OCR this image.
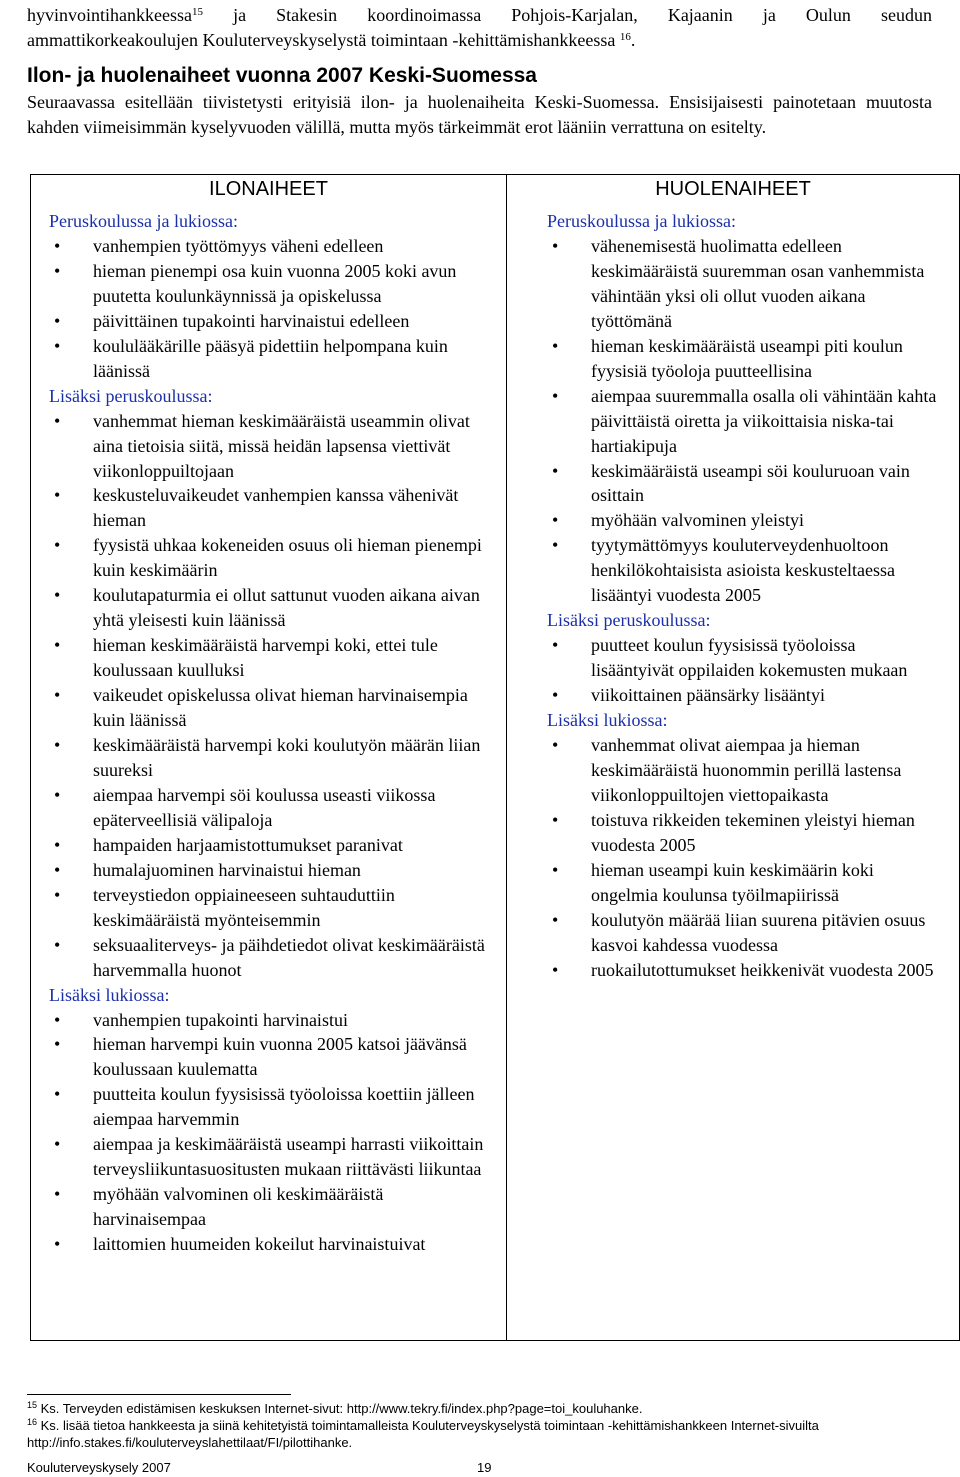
hyvinvointihankkeessa$^{15}$ ja Stakesin koordinoimassa Pohjois-Karjalan, Kajaanin ja Oulun seudun
ammattikorkeakoulujen Kouluterveyskyselystä toimintaan -kehittämishankkeessa $^{16}$.
Ilon- ja huolenaiheet vuonna 2007 Keski-Suomessa
Seuraavassa esitellään tiivistetysti erityisiä ilon- ja huolenaiheita Keski-Suomessa. Ensisijaisesti painotetaan muutosta kahden viimeisimmän kyselyvuoden välillä, mutta myös tärkeimmät erot lääniin verrattuna on esitelty.
ILONAIHEET
Peruskoulussa ja lukiossa:
• vanhempien työttömyys väheni edelleen
• hieman pienempi osa kuin vuonna 2005 koki avun puutetta koulunkäynnissä ja opiskelussa
• päivittäinen tupakointi harvinaistui edelleen
• koululääkärille pääsyä pidettiin helpompana kuin läänissä
Lisäksi peruskoulussa:
• vanhemmat hieman keskimääräistä useammin olivat aina tietoisia siitä, missä heidän lapsensa viettivät viikonloppuiltojaan
• keskusteluvaikeudet vanhempien kanssa vähenivät hieman
• fyysistä uhkaa kokeneiden osuus oli hieman pienempi kuin keskimäärin
• koulutapaturmia ei ollut sattunut vuoden aikana aivan yhtä yleisesti kuin läänissä
• hieman keskimääräistä harvempi koki, ettei tule koulussaan kuulluksi
• vaikeudet opiskelussa olivat hieman harvinaisempia kuin läänissä
• keskimääräistä harvempi koki koulutyön määrän liian suureksi
• aiempaa harvempi söi koulussa useasti viikossa epäterveellisiä välipaloja
• hampaiden harjaamistottumukset paranivat
• humalajuominen harvinaistui hieman
• terveystiedon oppiaineeseen suhtauduttiin keskimääräistä myönteisemmin
• seksuaaliterveys- ja päihdetiedot olivat keskimääräistä harvemmalla huonot
Lisäksi lukiossa:
• vanhempien tupakointi harvinaistui
• hieman harvempi kuin vuonna 2005 katsoi jäävänsä koulussaan kuulematta
• puutteita koulun fyysisissä työoloissa koettiin jälleen aiempaa harvemmin
• aiempaa ja keskimääräistä useampi harrasti viikoittain terveysliikuntasuositusten mukaan riittävästi liikuntaa
• myöhään valvominen oli keskimääräistä harvinaisempaa
• laittomien huumeiden kokeilut harvinaistuivat
HUOLENAIHEET
Peruskoulussa ja lukiossa:
• vähenemisestä huolimatta edelleen keskimääräistä suuremman osan vanhemmista vähintään yksi oli ollut vuoden aikana työttömänä
• hieman keskimääräistä useampi piti koulun fyysisiä työoloja puutteellisina
• aiempaa suuremmalla osalla oli vähintään kahta päivittäistä oiretta ja viikoittaisia niska-tai hartiakipuja
• keskimääräistä useampi söi kouluruoan vain osittain
• myöhään valvominen yleistyi
• tyytymättömyys kouluterveydenhuoltoon henkilökohtaisista asioista keskusteltaessa lisääntyi vuodesta 2005
Lisäksi peruskoulussa:
• puutteet koulun fyysisissä työoloissa lisääntyivät oppilaiden kokemusten mukaan
• viikoittainen päänsärky lisääntyi
Lisäksi lukiossa:
• vanhemmat olivat aiempaa ja hieman keskimääräistä huonommin perillä lastensa viikonloppuiltojen viettopaikasta
• toistuva rikkeiden tekeminen yleistyi hieman vuodesta 2005
• hieman useampi kuin keskimäärin koki ongelmia koulunsa työilmapiirissä
• koulutyön määrää liian suurena pitävien osuus kasvoi kahdessa vuodessa
• ruokailutottumukset heikkenivät vuodesta 2005
$^{15}$ Ks. Terveyden edistämisen keskuksen Internet-sivut: http://www.tekry.fi/index.php?page=toi_kouluhanke.
$^{16}$ Ks. lisää tietoa hankkeesta ja siinä kehitetyistä toimintamalleista Kouluterveyskyselystä toimintaan -kehittämishankkeen Internet-sivuilta http://info.stakes.fi/kouluterveyslahettilaat/FI/pilottihanke.
Kouluterveyskysely 2007	19
